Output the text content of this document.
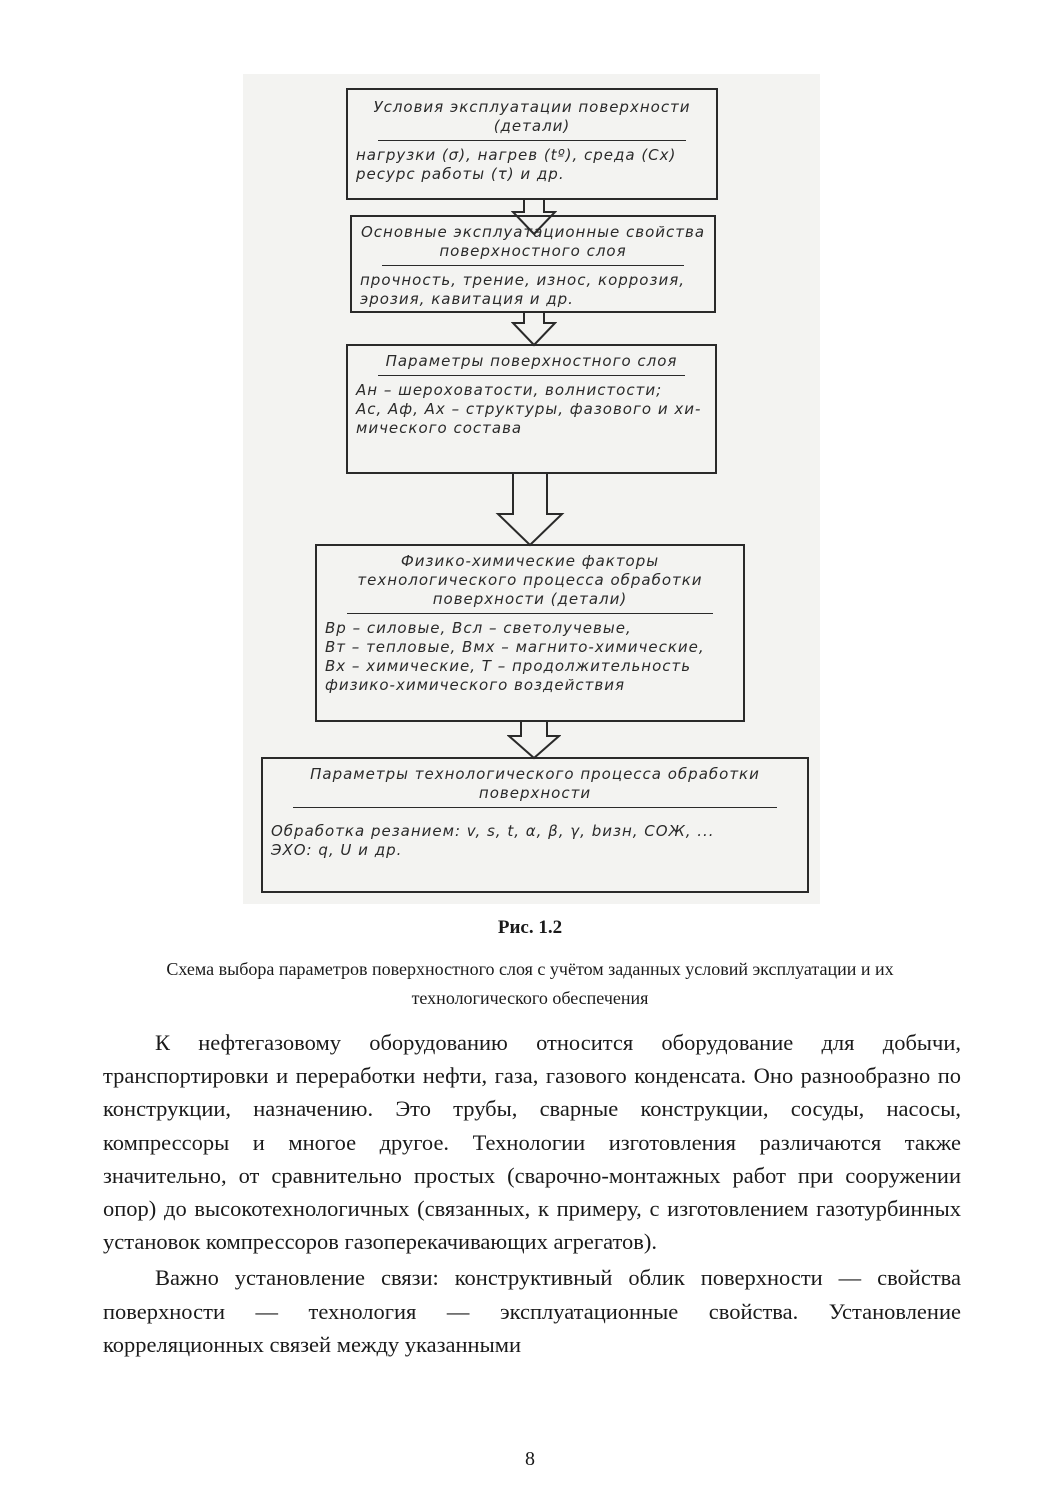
Условия эксплуатации поверхности (детали)
нагрузки (σ), нагрев (tº), среда (Cx)
ресурс работы (τ) и др.
Основные эксплуатационные свойства поверхностного слоя
прочность, трение, износ, коррозия,
эрозия, кавитация и др.
Параметры поверхностного слоя
Aн – шероховатости, волнистости;
Ac, Aф, Ax – структуры, фазового и хи-
мического состава
Физико-химические факторы технологического процесса обработки поверхности (детали)
Bр – силовые, Bсл – светолучевые,
Bт – тепловые, Bмх – магнито-химические,
Bx – химические, T – продолжительность
физико-химического воздействия
Параметры технологического процесса обработки поверхности
Обработка резанием: v, s, t, α, β, γ, bизн, СОЖ, ...
ЭХО: q, U и др.
Рис. 1.2
Схема выбора параметров поверхностного слоя с учётом заданных условий эксплуатации и их технологического обеспечения

К нефтегазовому оборудованию относится оборудование для добычи, транспортировки и переработки нефти, газа, газового конденсата. Оно разнообразно по конструкции, назначению. Это трубы, сварные конструкции, сосуды, насосы, компрессоры и многое другое. Технологии изготовления различаются также значительно, от сравнительно простых (сварочно-монтажных работ при сооружении опор) до высокотехнологичных (связанных, к примеру, с изготовлением газотурбинных установок компрессоров газоперекачивающих агрегатов).

Важно установление связи: конструктивный облик поверхности — свойства поверхности — технология — эксплуатационные свойства. Установление корреляционных связей между указанными

8
